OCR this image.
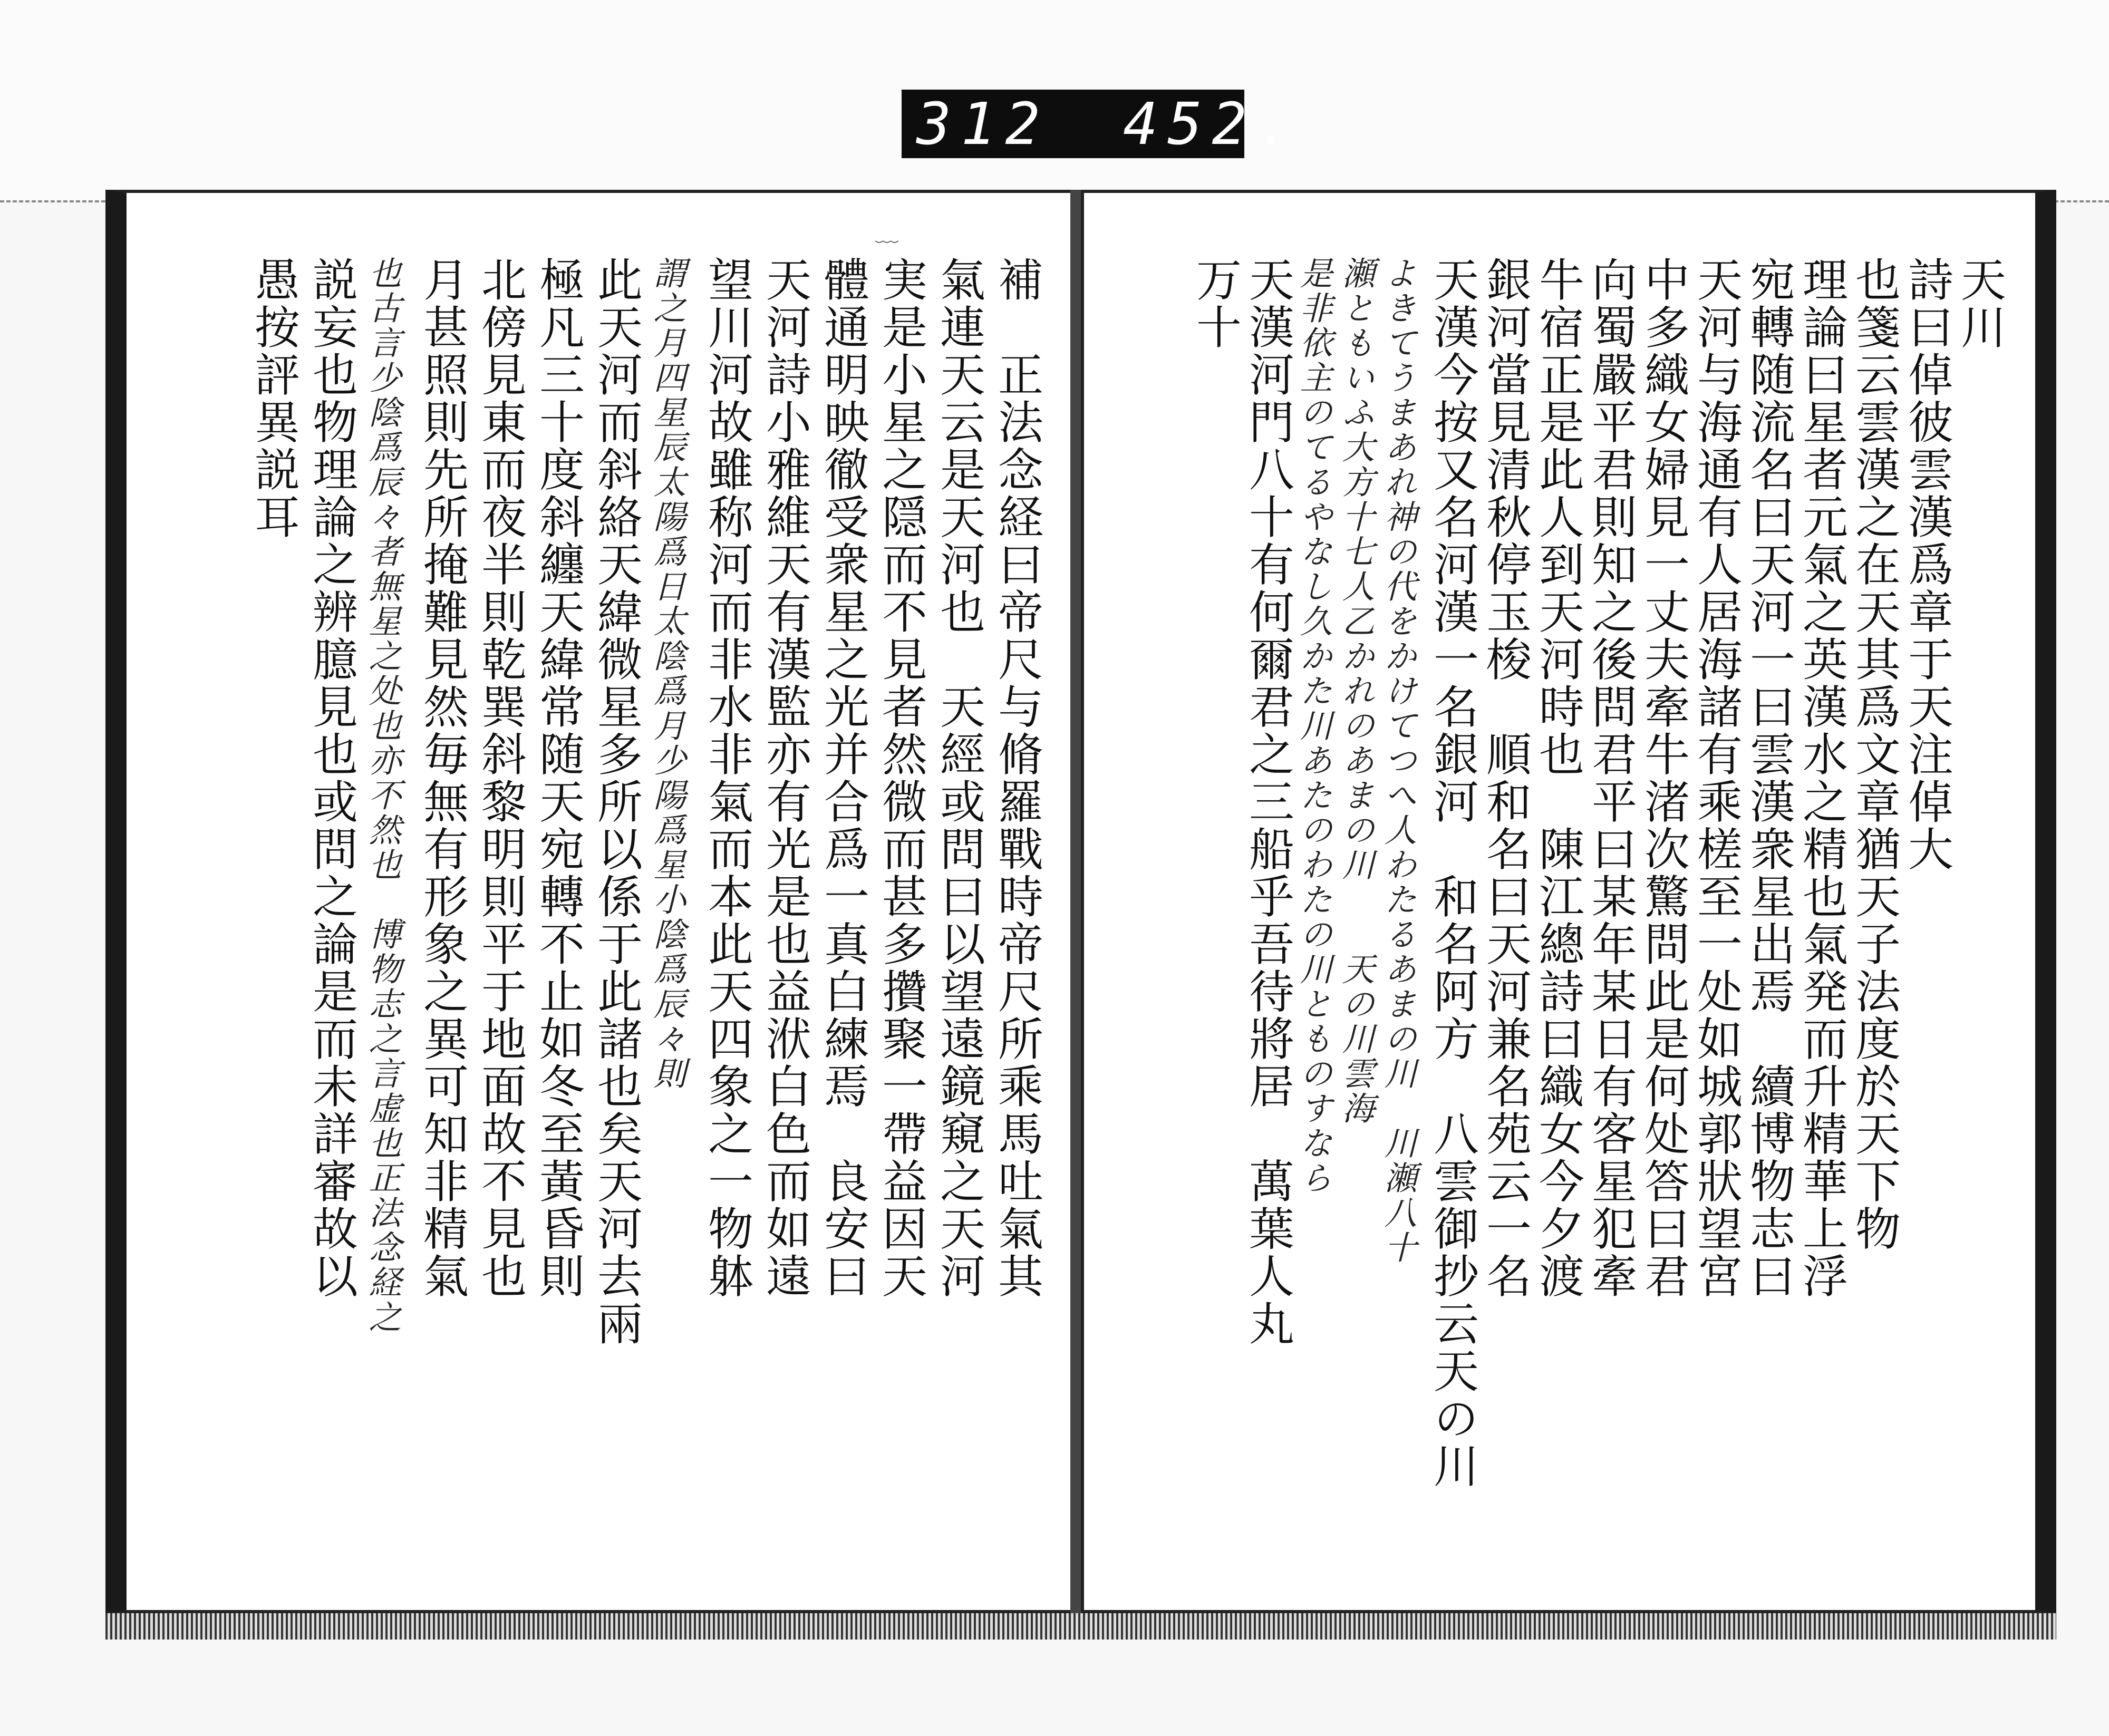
312 452.
﹏
補　正法念経曰帝尺与脩羅戰時帝尺所乘馬吐氣其
氣連天云是天河也　天經或問曰以望遠鏡窺之天河
実是小星之隠而不見者然微而甚多攢聚一帶益因天
體通明映徹受衆星之光并合爲一真白練焉　良安曰
天河詩小雅維天有漢監亦有光是也益洑白色而如遠
望川河故雖称河而非水非氣而本此天四象之一物躰
謂之月四星辰太陽爲日太陰爲月少陽爲星小陰爲辰々則
此天河而斜絡天緯微星多所以係于此諸也矣天河去兩
極凡三十度斜纏天緯常随天宛轉不止如冬至黃昏則
北傍見東而夜半則乾巽斜黎明則平于地面故不見也
月甚照則先所掩難見然毎無有形象之異可知非精氣
也古言少陰爲辰々者無星之处也亦不然也　博物志之言虚也正法念経之
説妄也物理論之辨臆見也或問之論是而未詳審故以
愚按評異説耳	天川
詩曰倬彼雲漢爲章于天注倬大
也箋云雲漢之在天其爲文章猶天子法度於天下物
理論曰星者元氣之英漢水之精也氣発而升精華上浮
宛轉随流名曰天河一曰雲漢衆星出焉　續博物志曰
天河与海通有人居海諸有乘槎至一处如城郭狀望宮
中多織女婦見一丈夫牽牛渚次驚問此是何处答曰君
向蜀嚴平君則知之後問君平曰某年某日有客星犯牽
牛宿正是此人到天河時也　陳江總詩曰織女今夕渡
銀河當見清秋停玉梭　順和名曰天河兼名苑云一名
天漢今按又名河漢一名銀河　和名阿方　八雲御抄云天の川
よきてうまあれ神の代をかけてつへ人わたるあまの川　川瀬八十
瀬ともいふ大方十七人乙かれのあまの川　　天の川雲海
是非依主のてるやなし久かた川あたのわたの川とものすなら
天漢河門八十有何爾君之三船乎吾待將居　萬葉人丸
万十
